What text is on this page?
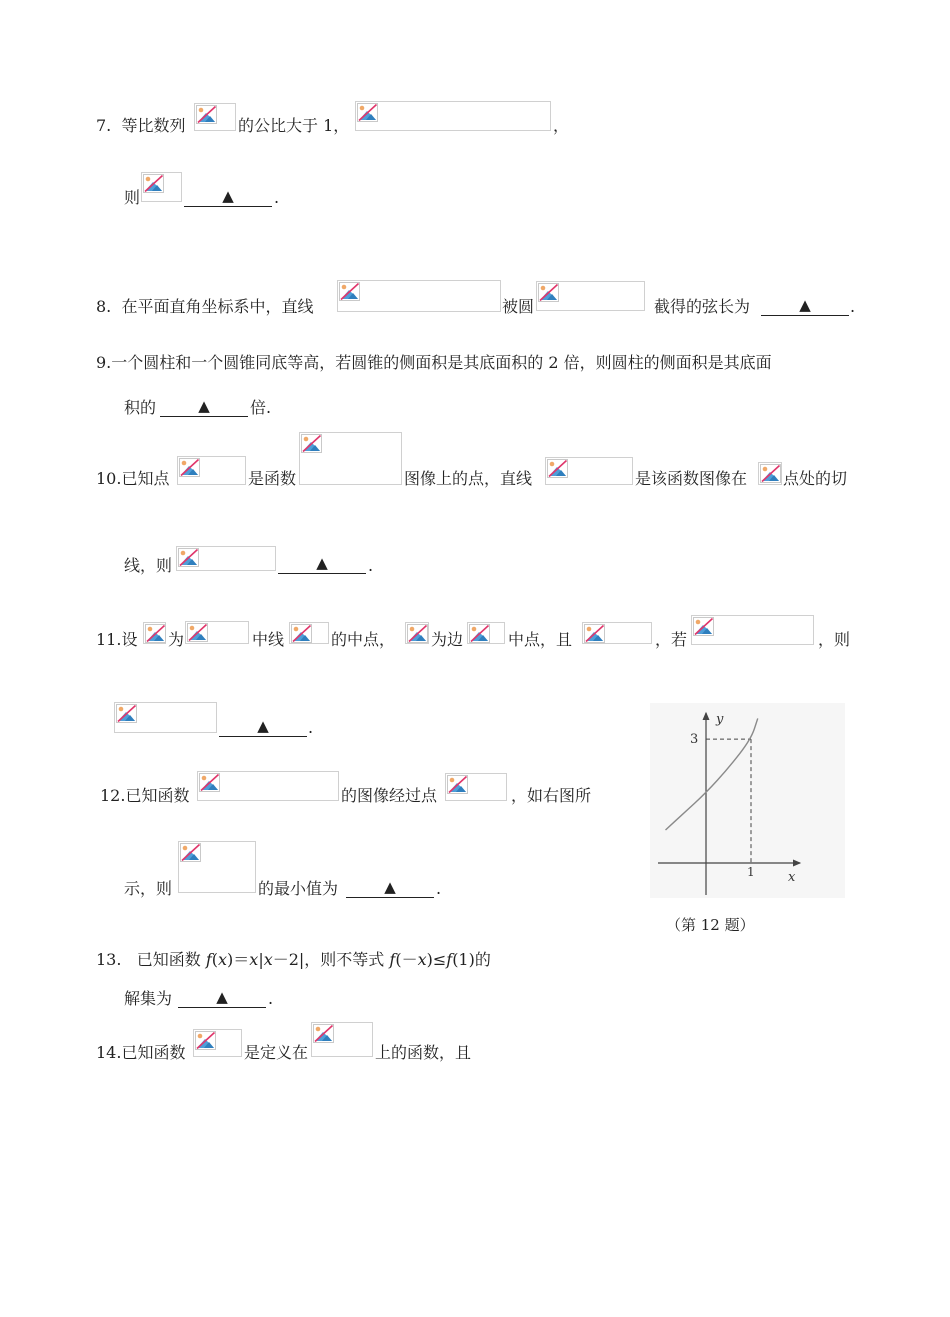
7. 等比数列	的公比大于 1，	，
则	▲	.
8. 在平面直角坐标系中，直线	被圆	截得的弦长为	▲	.
9.一个圆柱和一个圆锥同底等高，若圆锥的侧面积是其底面积的 2 倍，则圆柱的侧面积是其底面
积的	▲	倍.
10.已知点	是函数	图像上的点，直线	是该函数图像在 点处的切
线，则	▲	.
11.设 为	中线	的中点， 为边	中点，且	，若	，则
▲	.
12.已知函数	的图像经过点	，如右图所
示，则	的最小值为	▲	.
y
x
3
1
（第 12 题）
13. 已知函数 f(x)＝x|x－2|，则不等式 f(－x)≤f(1)的
解集为	▲	.
14.已知函数	是定义在	上的函数，且
